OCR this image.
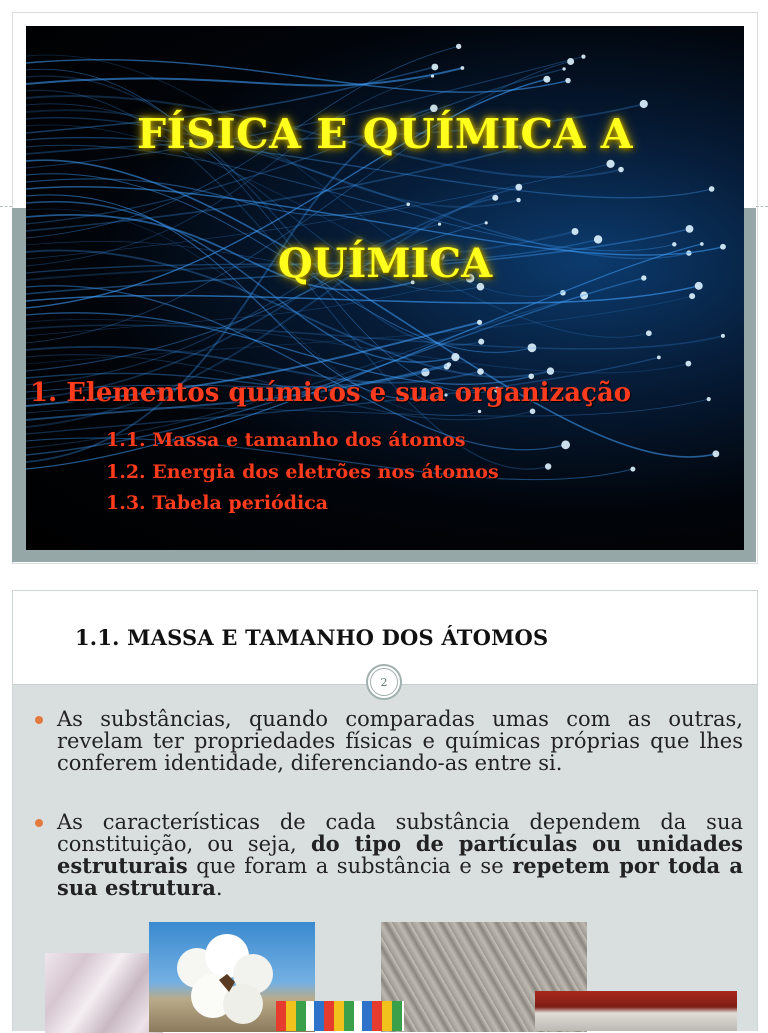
FÍSICA E QUÍMICA A
QUÍMICA
1. Elementos químicos e sua organização
1.1. Massa e tamanho dos átomos
1.2. Energia dos eletrões nos átomos
1.3. Tabela periódica
1.1. MASSA E TAMANHO DOS ÁTOMOS
2
As substâncias, quando comparadas umas com as outras, revelam ter propriedades físicas e químicas próprias que lhes conferem identidade, diferenciando-as entre si.
As características de cada substância dependem da sua constituição, ou seja, do tipo de partículas ou unidades estruturais que foram a substância e se repetem por toda a sua estrutura.
